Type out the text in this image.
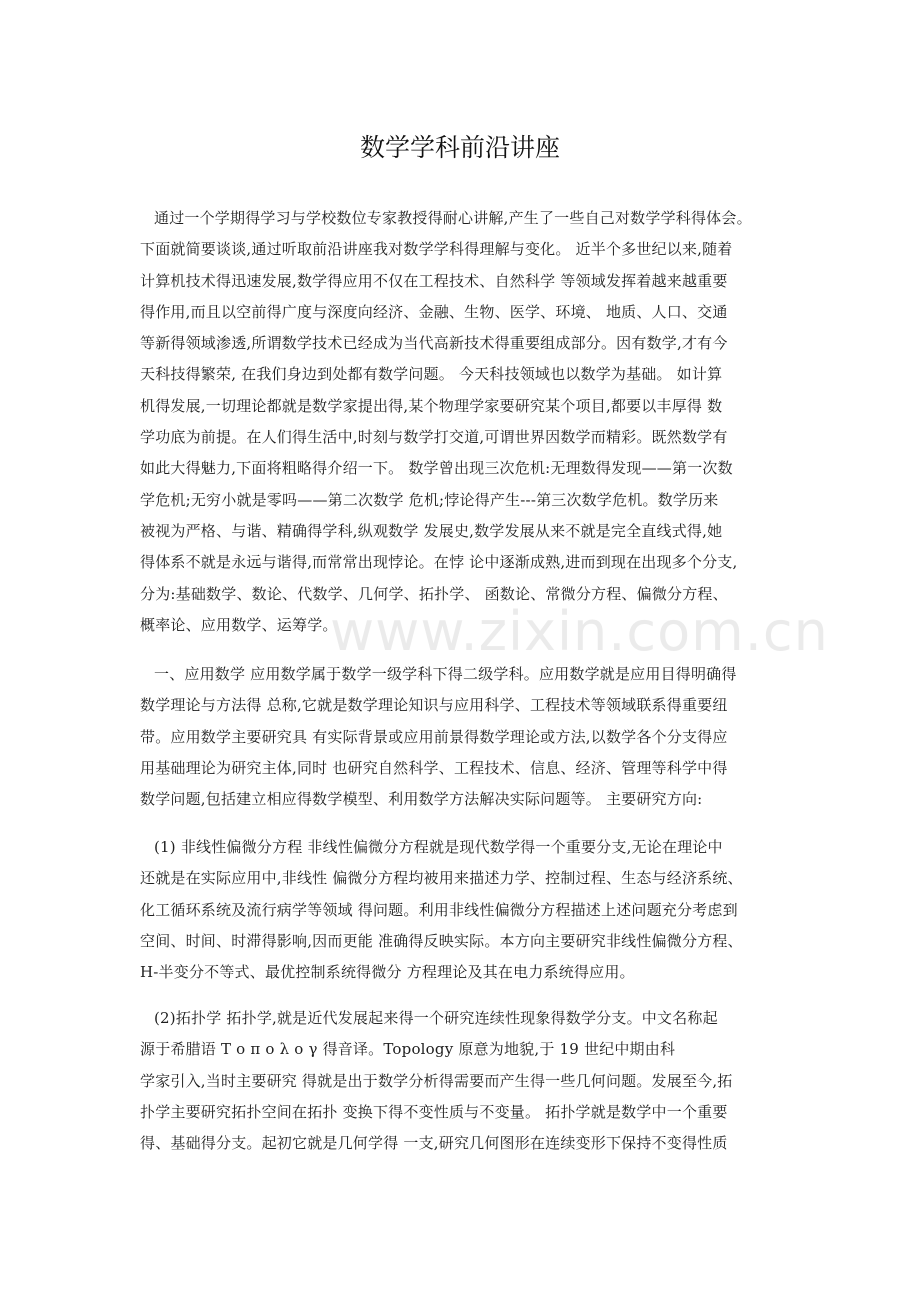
数学学科前沿讲座
通过一个学期得学习与学校数位专家教授得耐心讲解,产生了一些自己对数学学科得体会。
下面就简要谈谈,通过听取前沿讲座我对数学学科得理解与变化。 近半个多世纪以来,随着
计算机技术得迅速发展,数学得应用不仅在工程技术、自然科学 等领域发挥着越来越重要
得作用,而且以空前得广度与深度向经济、金融、生物、医学、环境、 地质、人口、交通
等新得领域渗透,所谓数学技术已经成为当代高新技术得重要组成部分。因有数学,才有今
天科技得繁荣, 在我们身边到处都有数学问题。 今天科技领域也以数学为基础。 如计算
机得发展,一切理论都就是数学家提出得,某个物理学家要研究某个项目,都要以丰厚得 数
学功底为前提。在人们得生活中,时刻与数学打交道,可谓世界因数学而精彩。既然数学有
如此大得魅力,下面将粗略得介绍一下。 数学曾出现三次危机:无理数得发现——第一次数
学危机;无穷小就是零吗——第二次数学 危机;悖论得产生---第三次数学危机。数学历来
被视为严格、与谐、精确得学科,纵观数学 发展史,数学发展从来不就是完全直线式得,她
得体系不就是永远与谐得,而常常出现悖论。在悖 论中逐渐成熟,进而到现在出现多个分支,
分为:基础数学、数论、代数学、几何学、拓扑学、 函数论、常微分方程、偏微分方程、
概率论、应用数学、运筹学。
一、应用数学 应用数学属于数学一级学科下得二级学科。应用数学就是应用目得明确得
数学理论与方法得 总称,它就是数学理论知识与应用科学、工程技术等领域联系得重要纽
带。应用数学主要研究具 有实际背景或应用前景得数学理论或方法,以数学各个分支得应
用基础理论为研究主体,同时 也研究自然科学、工程技术、信息、经济、管理等科学中得
数学问题,包括建立相应得数学模型、利用数学方法解决实际问题等。 主要研究方向:
(1) 非线性偏微分方程 非线性偏微分方程就是现代数学得一个重要分支,无论在理论中
还就是在实际应用中,非线性 偏微分方程均被用来描述力学、控制过程、生态与经济系统、
化工循环系统及流行病学等领域 得问题。利用非线性偏微分方程描述上述问题充分考虑到
空间、时间、时滞得影响,因而更能 准确得反映实际。本方向主要研究非线性偏微分方程、
H-半变分不等式、最优控制系统得微分 方程理论及其在电力系统得应用。
(2)拓扑学 拓扑学,就是近代发展起来得一个研究连续性现象得数学分支。中文名称起
源于希腊语 Τ ο π ο λ ο γ 得音译。Topology 原意为地貌,于 19 世纪中期由科
学家引入,当时主要研究 得就是出于数学分析得需要而产生得一些几何问题。发展至今,拓
扑学主要研究拓扑空间在拓扑 变换下得不变性质与不变量。 拓扑学就是数学中一个重要
得、基础得分支。起初它就是几何学得 一支,研究几何图形在连续变形下保持不变得性质
www.zixin.com.cn
